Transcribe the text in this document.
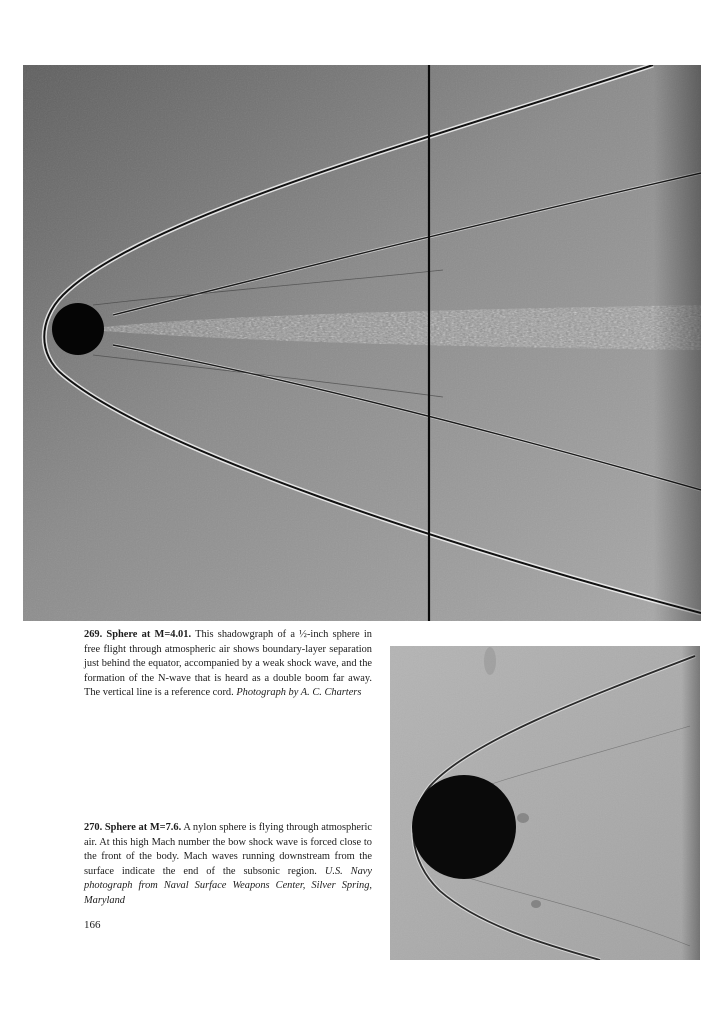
269. Sphere at M=4.01. This shadowgraph of a ½-inch sphere in free flight through atmospheric air shows boundary-layer separation just behind the equator, accompanied by a weak shock wave, and the formation of the N-wave that is heard as a double boom far away. The vertical line is a reference cord. Photograph by A. C. Charters

270. Sphere at M=7.6. A nylon sphere is flying through atmospheric air. At this high Mach number the bow shock wave is forced close to the front of the body. Mach waves running downstream from the surface indicate the end of the subsonic region. U.S. Navy photograph from Naval Surface Weapons Center, Silver Spring, Maryland

166
